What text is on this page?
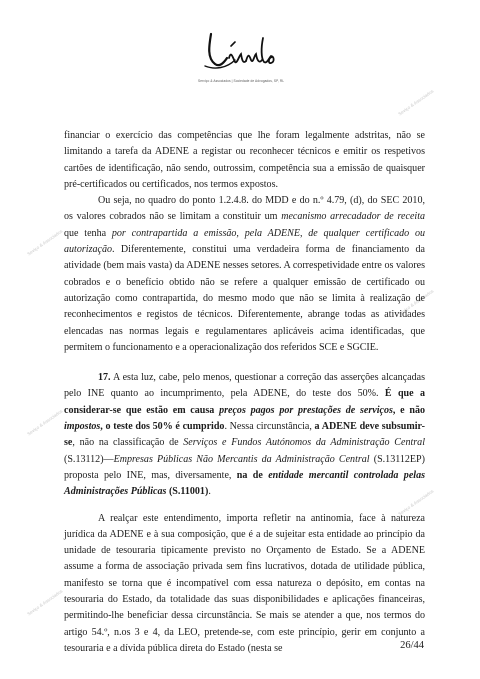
Serviço & Associados | Sociedade de Advogados, SP, RL
Seviço & Associados
Seviço & Associados
Seviço & Associados
Seviço & Associados
Seviço & Associados
Seviço & Associados

financiar o exercício das competências que lhe foram legalmente adstritas, não se limitando a tarefa da ADENE a registar ou reconhecer técnicos e emitir os respetivos cartões de identificação, não sendo, outrossim, competência sua a emissão de quaisquer pré-certificados ou certificados, nos termos expostos.

Ou seja, no quadro do ponto 1.2.4.8. do MDD e do n.º 4.79, (d), do SEC 2010, os valores cobrados não se limitam a constituir um mecanismo arrecadador de receita que tenha por contrapartida a emissão, pela ADENE, de qualquer certificado ou autorização. Diferentemente, constitui uma verdadeira forma de financiamento da atividade (bem mais vasta) da ADENE nesses setores. A correspetividade entre os valores cobrados e o benefício obtido não se refere a qualquer emissão de certificado ou autorização como contrapartida, do mesmo modo que não se limita à realização de reconhecimentos e registos de técnicos. Diferentemente, abrange todas as atividades elencadas nas normas legais e regulamentares aplicáveis acima identificadas, que permitem o funcionamento e a operacionalização dos referidos SCE e SGCIE.

17. A esta luz, cabe, pelo menos, questionar a correção das asserções alcançadas pelo INE quanto ao incumprimento, pela ADENE, do teste dos 50%. É que a considerar-se que estão em causa preços pagos por prestações de serviços, e não impostos, o teste dos 50% é cumprido. Nessa circunstância, a ADENE deve subsumir-se, não na classificação de Serviços e Fundos Autónomos da Administração Central (S.13112)—Empresas Públicas Não Mercantis da Administração Central (S.13112EP) proposta pelo INE, mas, diversamente, na de entidade mercantil controlada pelas Administrações Públicas (S.11001).

A realçar este entendimento, importa refletir na antinomia, face à natureza jurídica da ADENE e à sua composição, que é a de sujeitar esta entidade ao princípio da unidade de tesouraria tipicamente previsto no Orçamento de Estado. Se a ADENE assume a forma de associação privada sem fins lucrativos, dotada de utilidade pública, manifesto se torna que é incompatível com essa natureza o depósito, em contas na tesouraria do Estado, da totalidade das suas disponibilidades e aplicações financeiras, permitindo-lhe beneficiar dessa circunstância. Se mais se atender a que, nos termos do artigo 54.º, n.os 3 e 4, da LEO, pretende-se, com este princípio, gerir em conjunto a tesouraria e a dívida pública direta do Estado (nesta se	26/44
